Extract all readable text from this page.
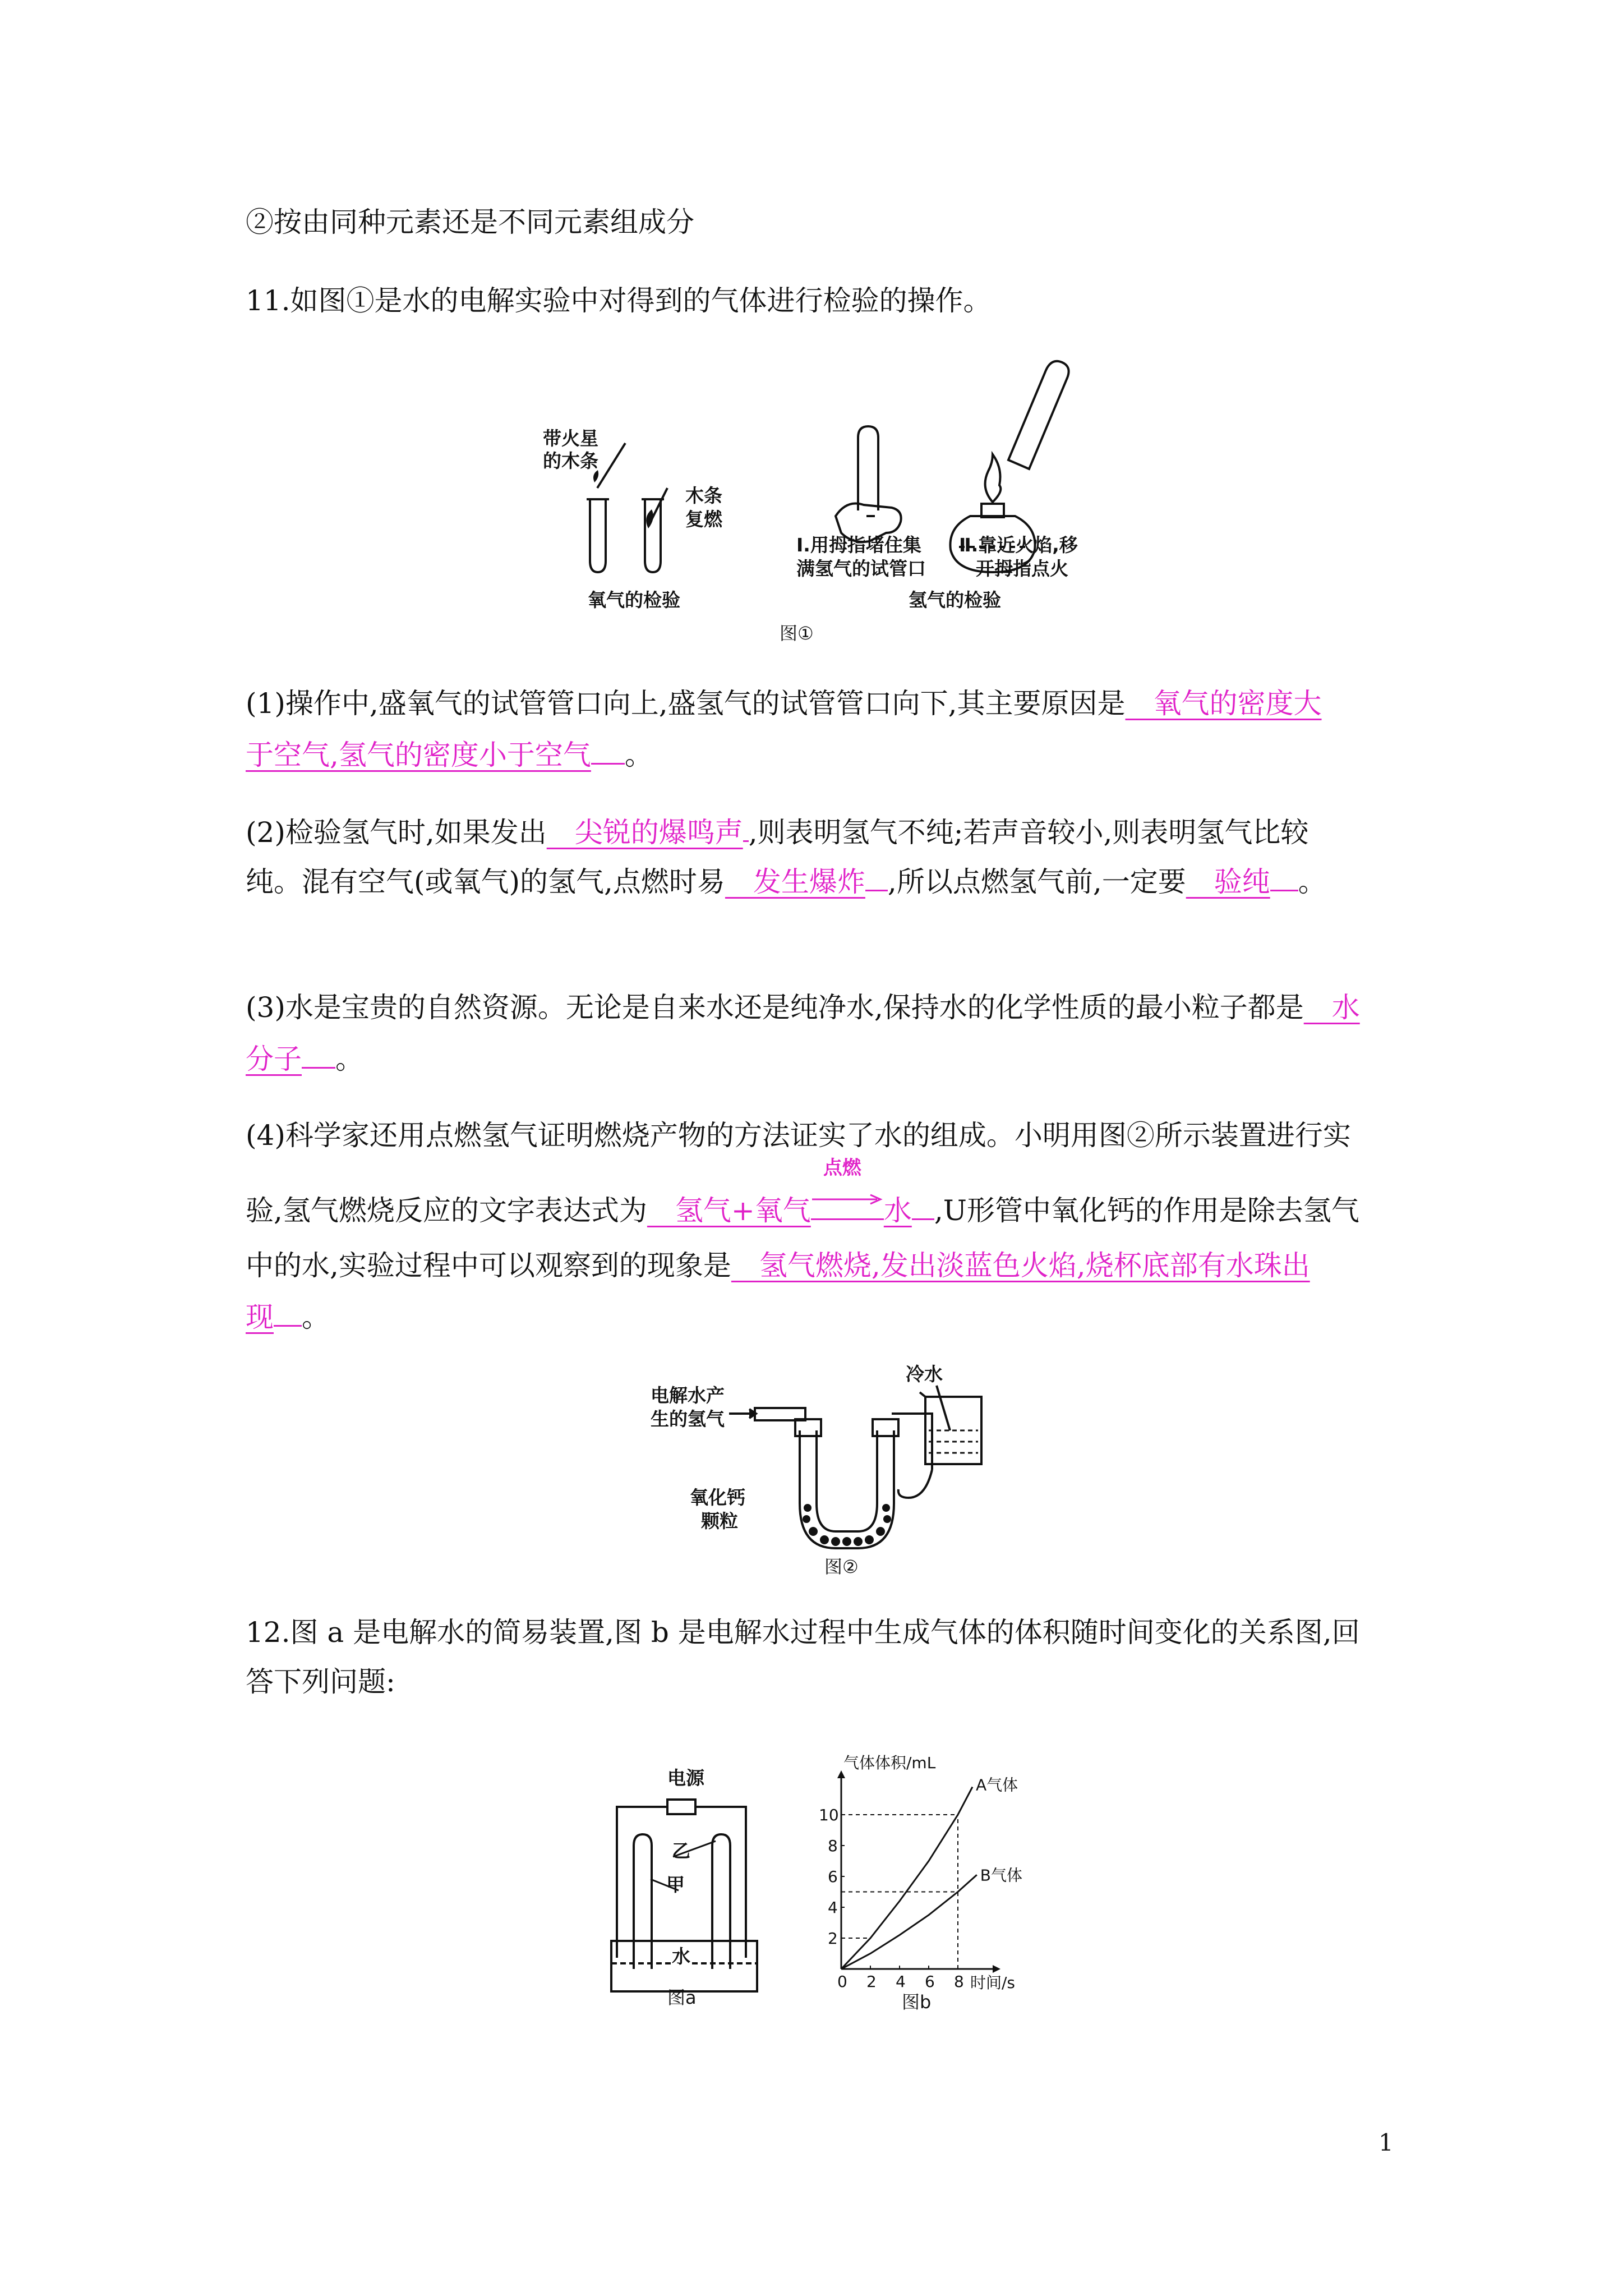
②按由同种元素还是不同元素组成分
11.如图①是水的电解实验中对得到的气体进行检验的操作。
带火星
的木条
木条
复燃
氧气的检验
Ⅰ.用拇指堵住集
满氢气的试管口
Ⅱ.靠近火焰,移
开拇指点火
氢气的检验
图①
(1)操作中,盛氧气的试管管口向上,盛氢气的试管管口向下,其主要原因是　氧气的密度大
于空气,氢气的密度小于空气 。
(2)检验氢气时,如果发出　尖锐的爆鸣声 ,则表明氢气不纯;若声音较小,则表明氢气比较
纯。混有空气(或氧气)的氢气,点燃时易　发生爆炸 ,所以点燃氢气前,一定要　验纯 。
(3)水是宝贵的自然资源。无论是自来水还是纯净水,保持水的化学性质的最小粒子都是　水
分子 。
(4)科学家还用点燃氢气证明燃烧产物的方法证实了水的组成。小明用图②所示装置进行实
验,氢气燃烧反应的文字表达式为　氢气+氧气
点燃
水 ,U形管中氧化钙的作用是除去氢气
中的水,实验过程中可以观察到的现象是　氢气燃烧,发出淡蓝色火焰,烧杯底部有水珠出
现 。
电解水产
生的氢气
冷水
氧化钙
颗粒
图②
12.图 a 是电解水的简易装置,图 b 是电解水过程中生成气体的体积随时间变化的关系图,回
答下列问题:
电源
乙
甲
水
图a
气体体积/mL
时间/s
0 2 4 6 8
2
4
6
8
10
A气体
B气体
图b
1
